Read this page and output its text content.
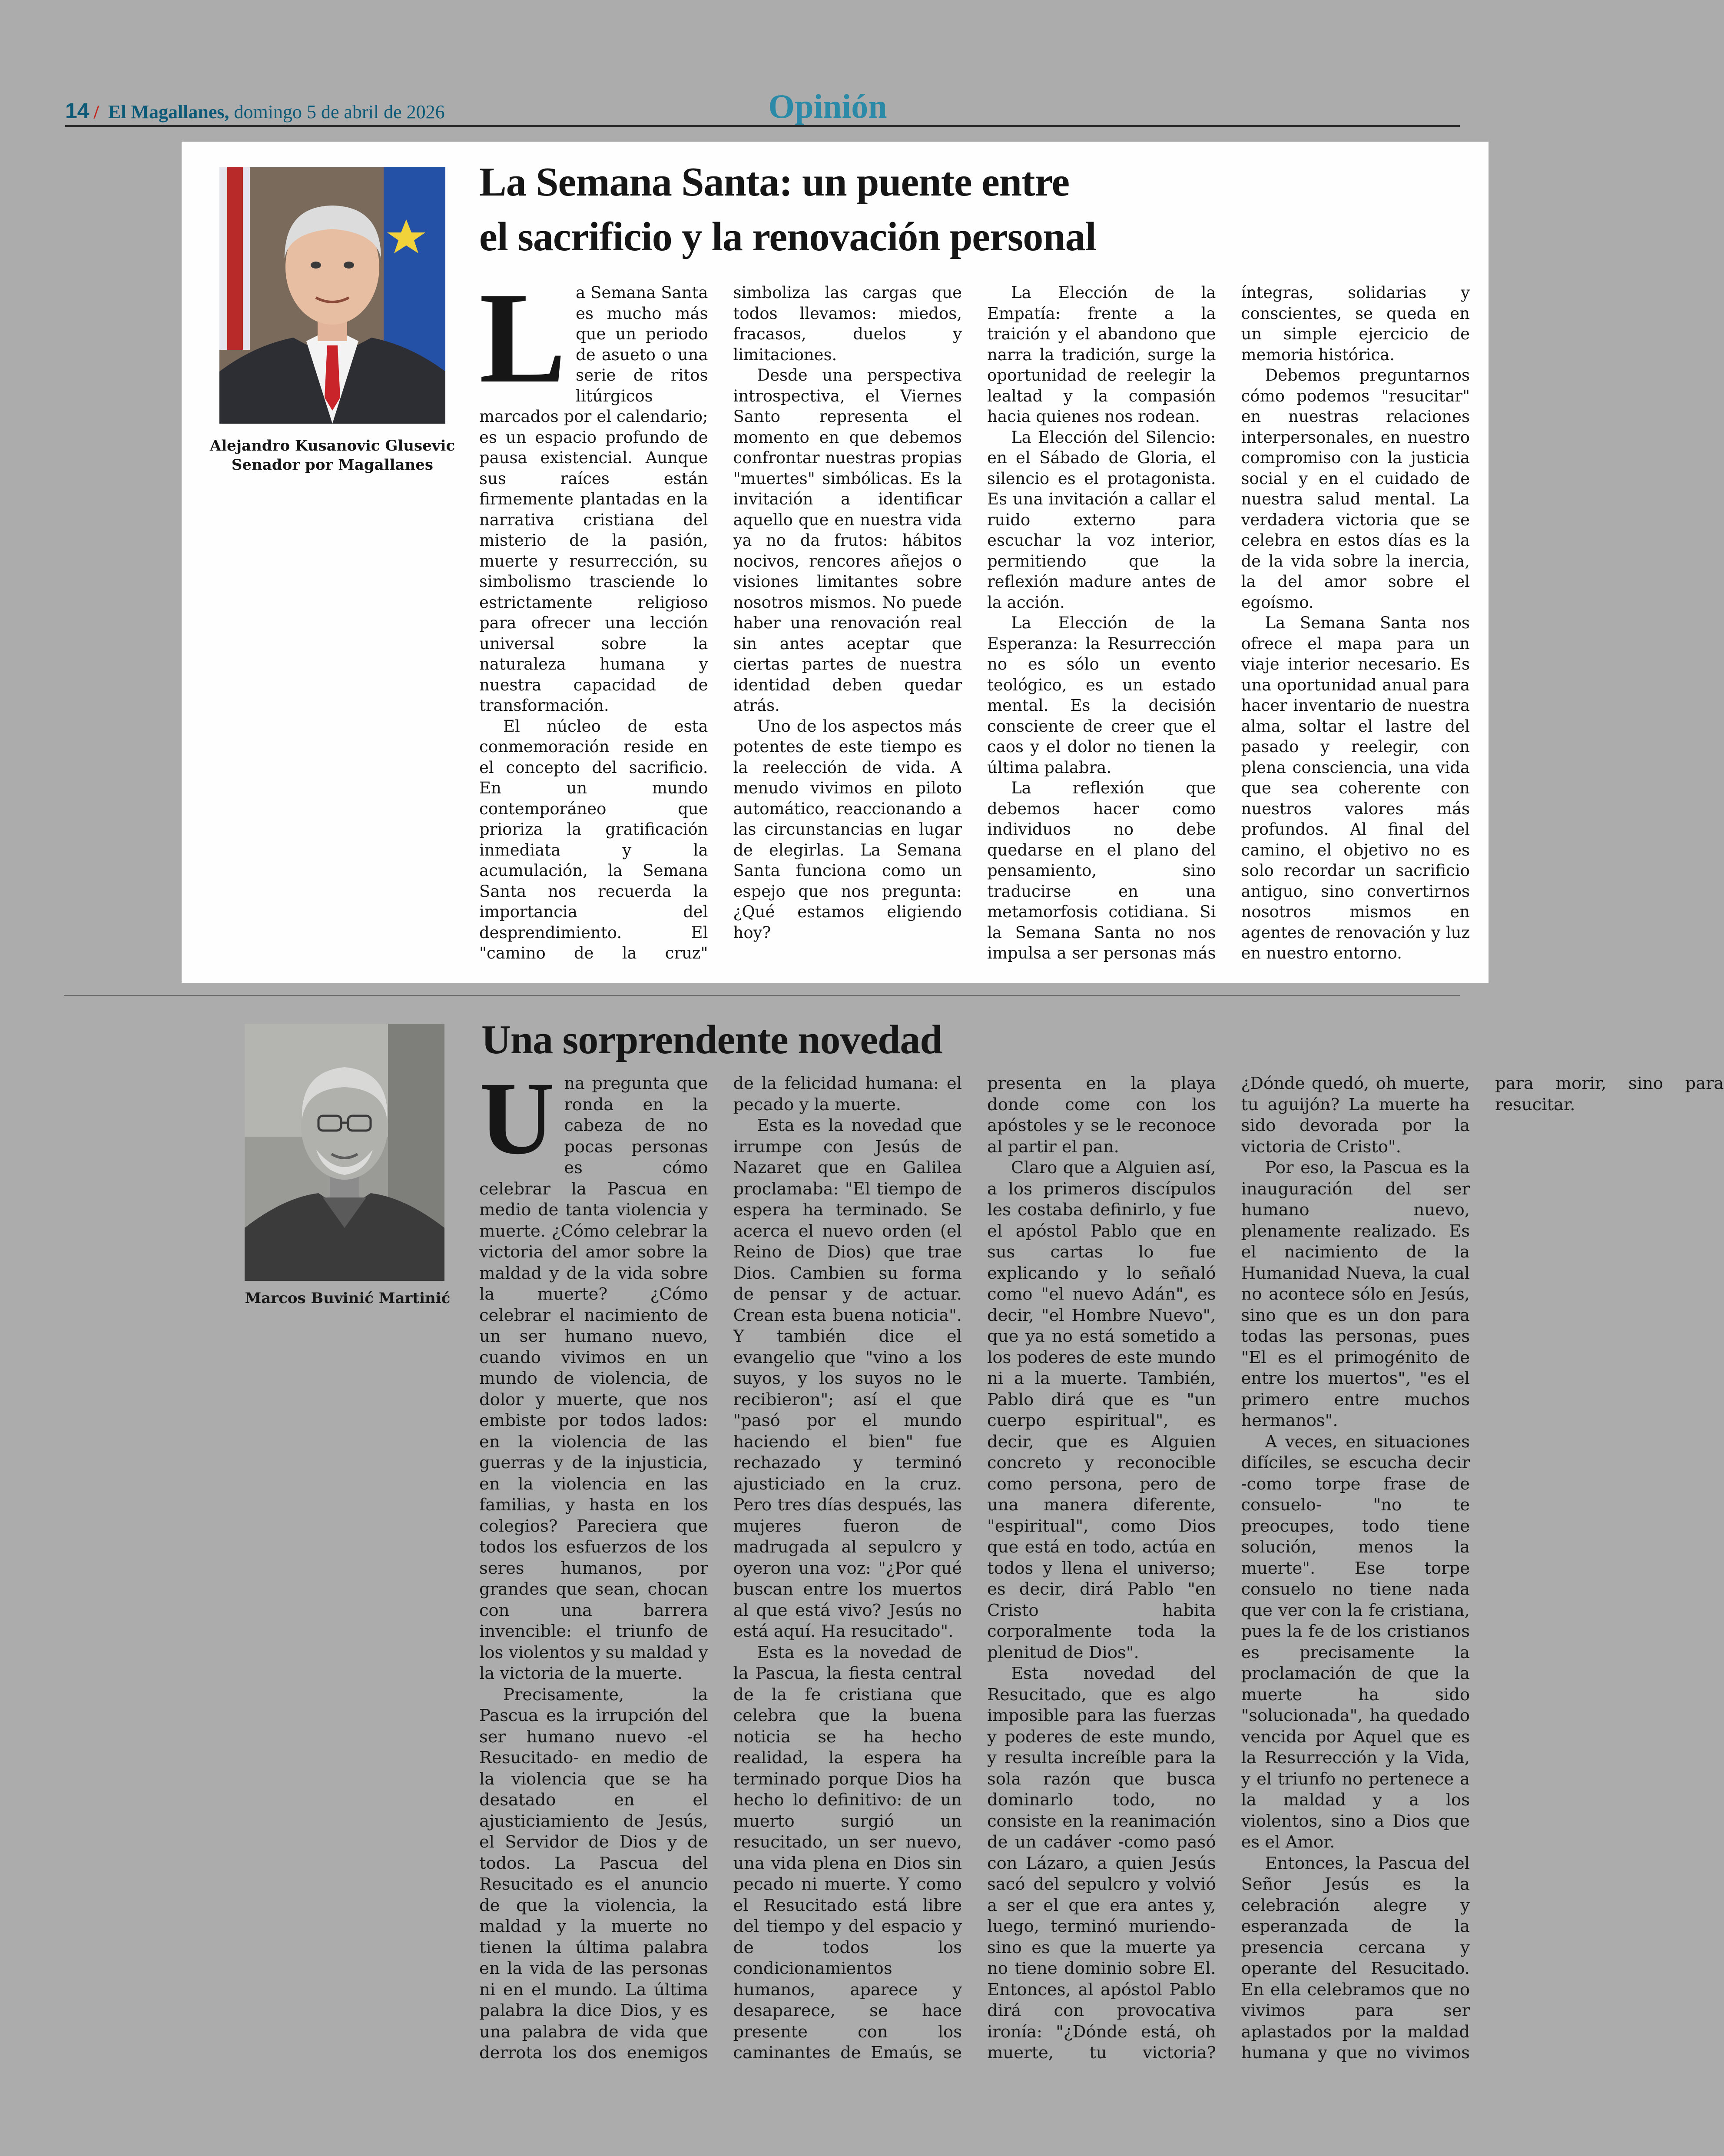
14 / El Magallanes, domingo 5 de abril de 2026	Opinión
Alejandro Kusanovic Glusevic
Senador por Magallanes
La Semana Santa: un puente entre
el sacrificio y la renovación personal

La Semana Santa es mucho más que un periodo de asueto o una serie de ritos litúrgicos marcados por el calendario; es un espacio profundo de pausa existencial. Aunque sus raíces están firmemente plantadas en la narrativa cristiana del misterio de la pasión, muerte y resurrección, su simbolismo trasciende lo estrictamente religioso para ofrecer una lección universal sobre la naturaleza humana y nuestra capacidad de transformación.

El núcleo de esta conmemoración reside en el concepto del sacrificio. En un mundo contemporáneo que prioriza la gratificación inmediata y la acumulación, la Semana Santa nos recuerda la importancia del desprendimiento. El "camino de la cruz" simboliza las cargas que todos llevamos: miedos, fracasos, duelos y limitaciones.

Desde una perspectiva introspectiva, el Viernes Santo representa el momento en que debemos confrontar nuestras propias "muertes" simbólicas. Es la invitación a identificar aquello que en nuestra vida ya no da frutos: hábitos nocivos, rencores añejos o visiones limitantes sobre nosotros mismos. No puede haber una renovación real sin antes aceptar que ciertas partes de nuestra identidad deben quedar atrás.

Uno de los aspectos más potentes de este tiempo es la reelección de vida. A menudo vivimos en piloto automático, reaccionando a las circunstancias en lugar de elegirlas. La Semana Santa funciona como un espejo que nos pregunta: ¿Qué estamos eligiendo hoy?

La Elección de la Empatía: frente a la traición y el abandono que narra la tradición, surge la oportunidad de reelegir la lealtad y la compasión hacia quienes nos rodean.

La Elección del Silencio: en el Sábado de Gloria, el silencio es el protagonista. Es una invitación a callar el ruido externo para escuchar la voz interior, permitiendo que la reflexión madure antes de la acción.

La Elección de la Esperanza: la Resurrección no es sólo un evento teológico, es un estado mental. Es la decisión consciente de creer que el caos y el dolor no tienen la última palabra.

La reflexión que debemos hacer como individuos no debe quedarse en el plano del pensamiento, sino traducirse en una metamorfosis cotidiana. Si la Semana Santa no nos impulsa a ser personas más íntegras, solidarias y conscientes, se queda en un simple ejercicio de memoria histórica.

Debemos preguntarnos cómo podemos "resucitar" en nuestras relaciones interpersonales, en nuestro compromiso con la justicia social y en el cuidado de nuestra salud mental. La verdadera victoria que se celebra en estos días es la de la vida sobre la inercia, la del amor sobre el egoísmo.

La Semana Santa nos ofrece el mapa para un viaje interior necesario. Es una oportunidad anual para hacer inventario de nuestra alma, soltar el lastre del pasado y reelegir, con plena consciencia, una vida que sea coherente con nuestros valores más profundos. Al final del camino, el objetivo no es solo recordar un sacrificio antiguo, sino convertirnos nosotros mismos en agentes de renovación y luz en nuestro entorno.

Marcos Buvinić Martinić
Una sorprendente novedad

Una pregunta que ronda en la cabeza de no pocas personas es cómo celebrar la Pascua en medio de tanta violencia y muerte. ¿Cómo celebrar la victoria del amor sobre la maldad y de la vida sobre la muerte? ¿Cómo celebrar el nacimiento de un ser humano nuevo, cuando vivimos en un mundo de violencia, de dolor y muerte, que nos embiste por todos lados: en la violencia de las guerras y de la injusticia, en la violencia en las familias, y hasta en los colegios? Pareciera que todos los esfuerzos de los seres humanos, por grandes que sean, chocan con una barrera invencible: el triunfo de los violentos y su maldad y la victoria de la muerte.

Precisamente, la Pascua es la irrupción del ser humano nuevo -el Resucitado- en medio de la violencia que se ha desatado en el ajusticiamiento de Jesús, el Servidor de Dios y de todos. La Pascua del Resucitado es el anuncio de que la violencia, la maldad y la muerte no tienen la última palabra en la vida de las personas ni en el mundo. La última palabra la dice Dios, y es una palabra de vida que derrota los dos enemigos de la felicidad humana: el pecado y la muerte.

Esta es la novedad que irrumpe con Jesús de Nazaret que en Galilea proclamaba: "El tiempo de espera ha terminado. Se acerca el nuevo orden (el Reino de Dios) que trae Dios. Cambien su forma de pensar y de actuar. Crean esta buena noticia". Y también dice el evangelio que "vino a los suyos, y los suyos no le recibieron"; así el que "pasó por el mundo haciendo el bien" fue rechazado y terminó ajusticiado en la cruz. Pero tres días después, las mujeres fueron de madrugada al sepulcro y oyeron una voz: "¿Por qué buscan entre los muertos al que está vivo? Jesús no está aquí. Ha resucitado".

Esta es la novedad de la Pascua, la fiesta central de la fe cristiana que celebra que la buena noticia se ha hecho realidad, la espera ha terminado porque Dios ha hecho lo definitivo: de un muerto surgió un resucitado, un ser nuevo, una vida plena en Dios sin pecado ni muerte. Y como el Resucitado está libre del tiempo y del espacio y de todos los condicionamientos humanos, aparece y desaparece, se hace presente con los caminantes de Emaús, se presenta en la playa donde come con los apóstoles y se le reconoce al partir el pan.

Claro que a Alguien así, a los primeros discípulos les costaba definirlo, y fue el apóstol Pablo que en sus cartas lo fue explicando y lo señaló como "el nuevo Adán", es decir, "el Hombre Nuevo", que ya no está sometido a los poderes de este mundo ni a la muerte. También, Pablo dirá que es "un cuerpo espiritual", es decir, que es Alguien concreto y reconocible como persona, pero de una manera diferente, "espiritual", como Dios que está en todo, actúa en todos y llena el universo; es decir, dirá Pablo "en Cristo habita corporalmente toda la plenitud de Dios".

Esta novedad del Resucitado, que es algo imposible para las fuerzas y poderes de este mundo, y resulta increíble para la sola razón que busca dominarlo todo, no consiste en la reanimación de un cadáver -como pasó con Lázaro, a quien Jesús sacó del sepulcro y volvió a ser el que era antes y, luego, terminó muriendo- sino es que la muerte ya no tiene dominio sobre El. Entonces, al apóstol Pablo dirá con provocativa ironía: "¿Dónde está, oh muerte, tu victoria? ¿Dónde quedó, oh muerte, tu aguijón? La muerte ha sido devorada por la victoria de Cristo".

Por eso, la Pascua es la inauguración del ser humano nuevo, plenamente realizado. Es el nacimiento de la Humanidad Nueva, la cual no acontece sólo en Jesús, sino que es un don para todas las personas, pues "El es el primogénito de entre los muertos", "es el primero entre muchos hermanos".

A veces, en situaciones difíciles, se escucha decir -como torpe frase de consuelo- "no te preocupes, todo tiene solución, menos la muerte". Ese torpe consuelo no tiene nada que ver con la fe cristiana, pues la fe de los cristianos es precisamente la proclamación de que la muerte ha sido "solucionada", ha quedado vencida por Aquel que es la Resurrección y la Vida, y el triunfo no pertenece a la maldad y a los violentos, sino a Dios que es el Amor.

Entonces, la Pascua del Señor Jesús es la celebración alegre y esperanzada de la presencia cercana y operante del Resucitado. En ella celebramos que no vivimos para ser aplastados por la maldad humana y que no vivimos para morir, sino para resucitar.
